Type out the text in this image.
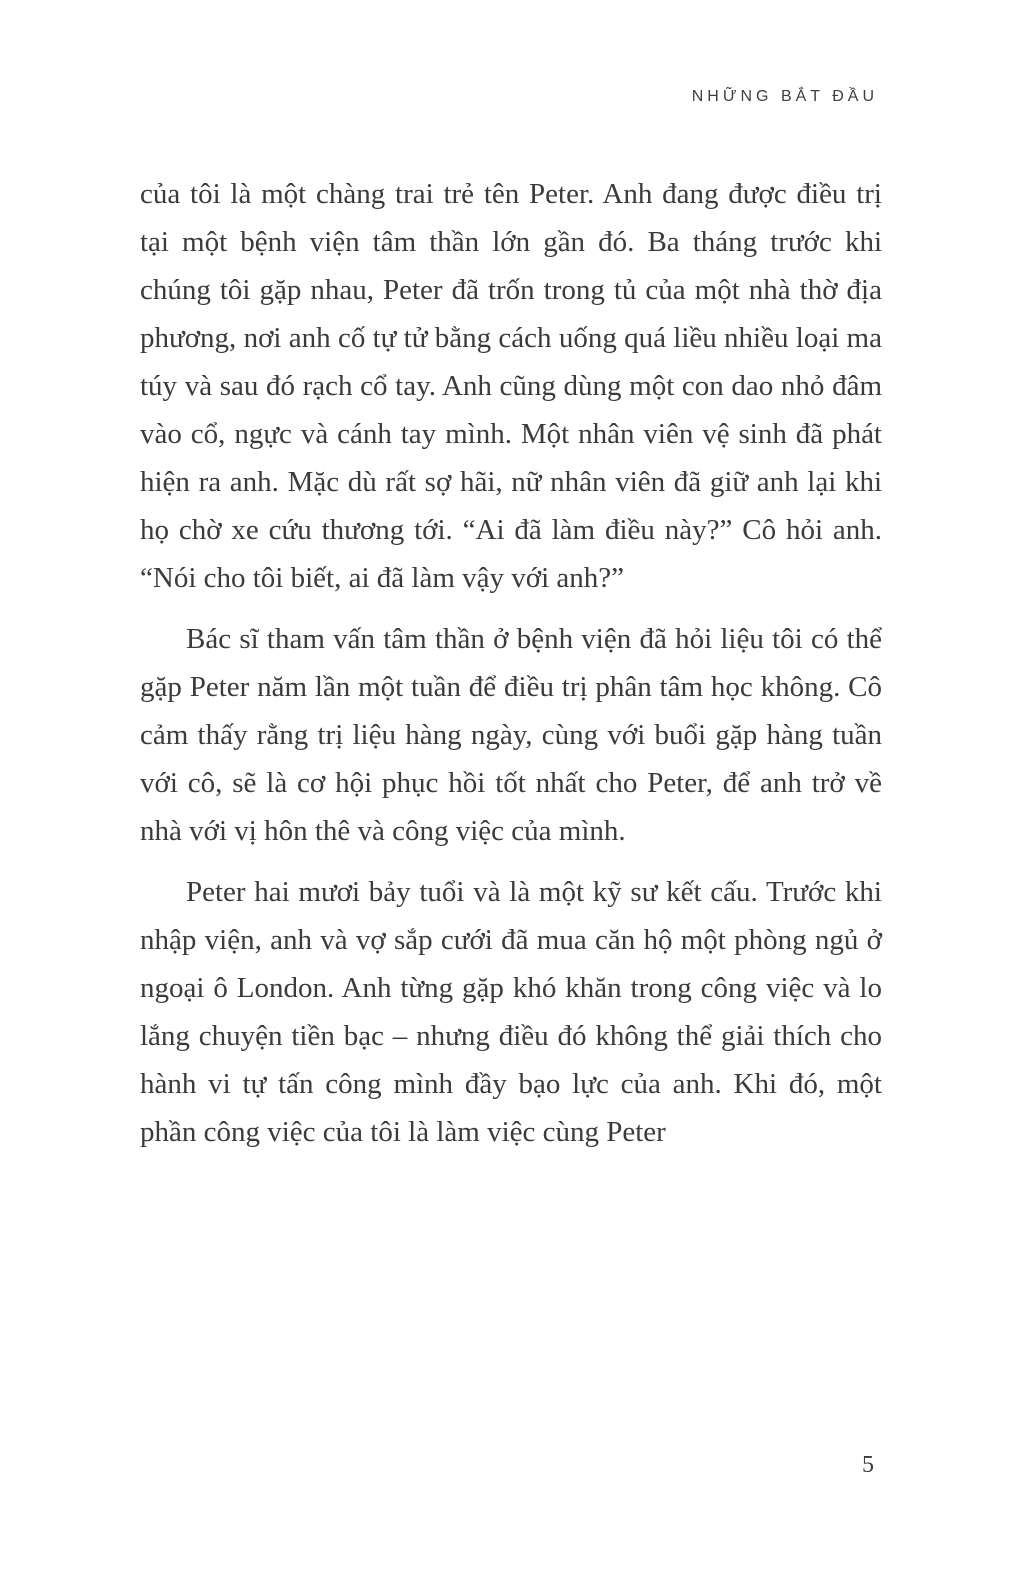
NHỮNG BẮT ĐẦU

của tôi là một chàng trai trẻ tên Peter. Anh đang được điều trị tại một bệnh viện tâm thần lớn gần đó. Ba tháng trước khi chúng tôi gặp nhau, Peter đã trốn trong tủ của một nhà thờ địa phương, nơi anh cố tự tử bằng cách uống quá liều nhiều loại ma túy và sau đó rạch cổ tay. Anh cũng dùng một con dao nhỏ đâm vào cổ, ngực và cánh tay mình. Một nhân viên vệ sinh đã phát hiện ra anh. Mặc dù rất sợ hãi, nữ nhân viên đã giữ anh lại khi họ chờ xe cứu thương tới. “Ai đã làm điều này?” Cô hỏi anh. “Nói cho tôi biết, ai đã làm vậy với anh?”

Bác sĩ tham vấn tâm thần ở bệnh viện đã hỏi liệu tôi có thể gặp Peter năm lần một tuần để điều trị phân tâm học không. Cô cảm thấy rằng trị liệu hàng ngày, cùng với buổi gặp hàng tuần với cô, sẽ là cơ hội phục hồi tốt nhất cho Peter, để anh trở về nhà với vị hôn thê và công việc của mình.

Peter hai mươi bảy tuổi và là một kỹ sư kết cấu. Trước khi nhập viện, anh và vợ sắp cưới đã mua căn hộ một phòng ngủ ở ngoại ô London. Anh từng gặp khó khăn trong công việc và lo lắng chuyện tiền bạc – nhưng điều đó không thể giải thích cho hành vi tự tấn công mình đầy bạo lực của anh. Khi đó, một phần công việc của tôi là làm việc cùng Peter

5
